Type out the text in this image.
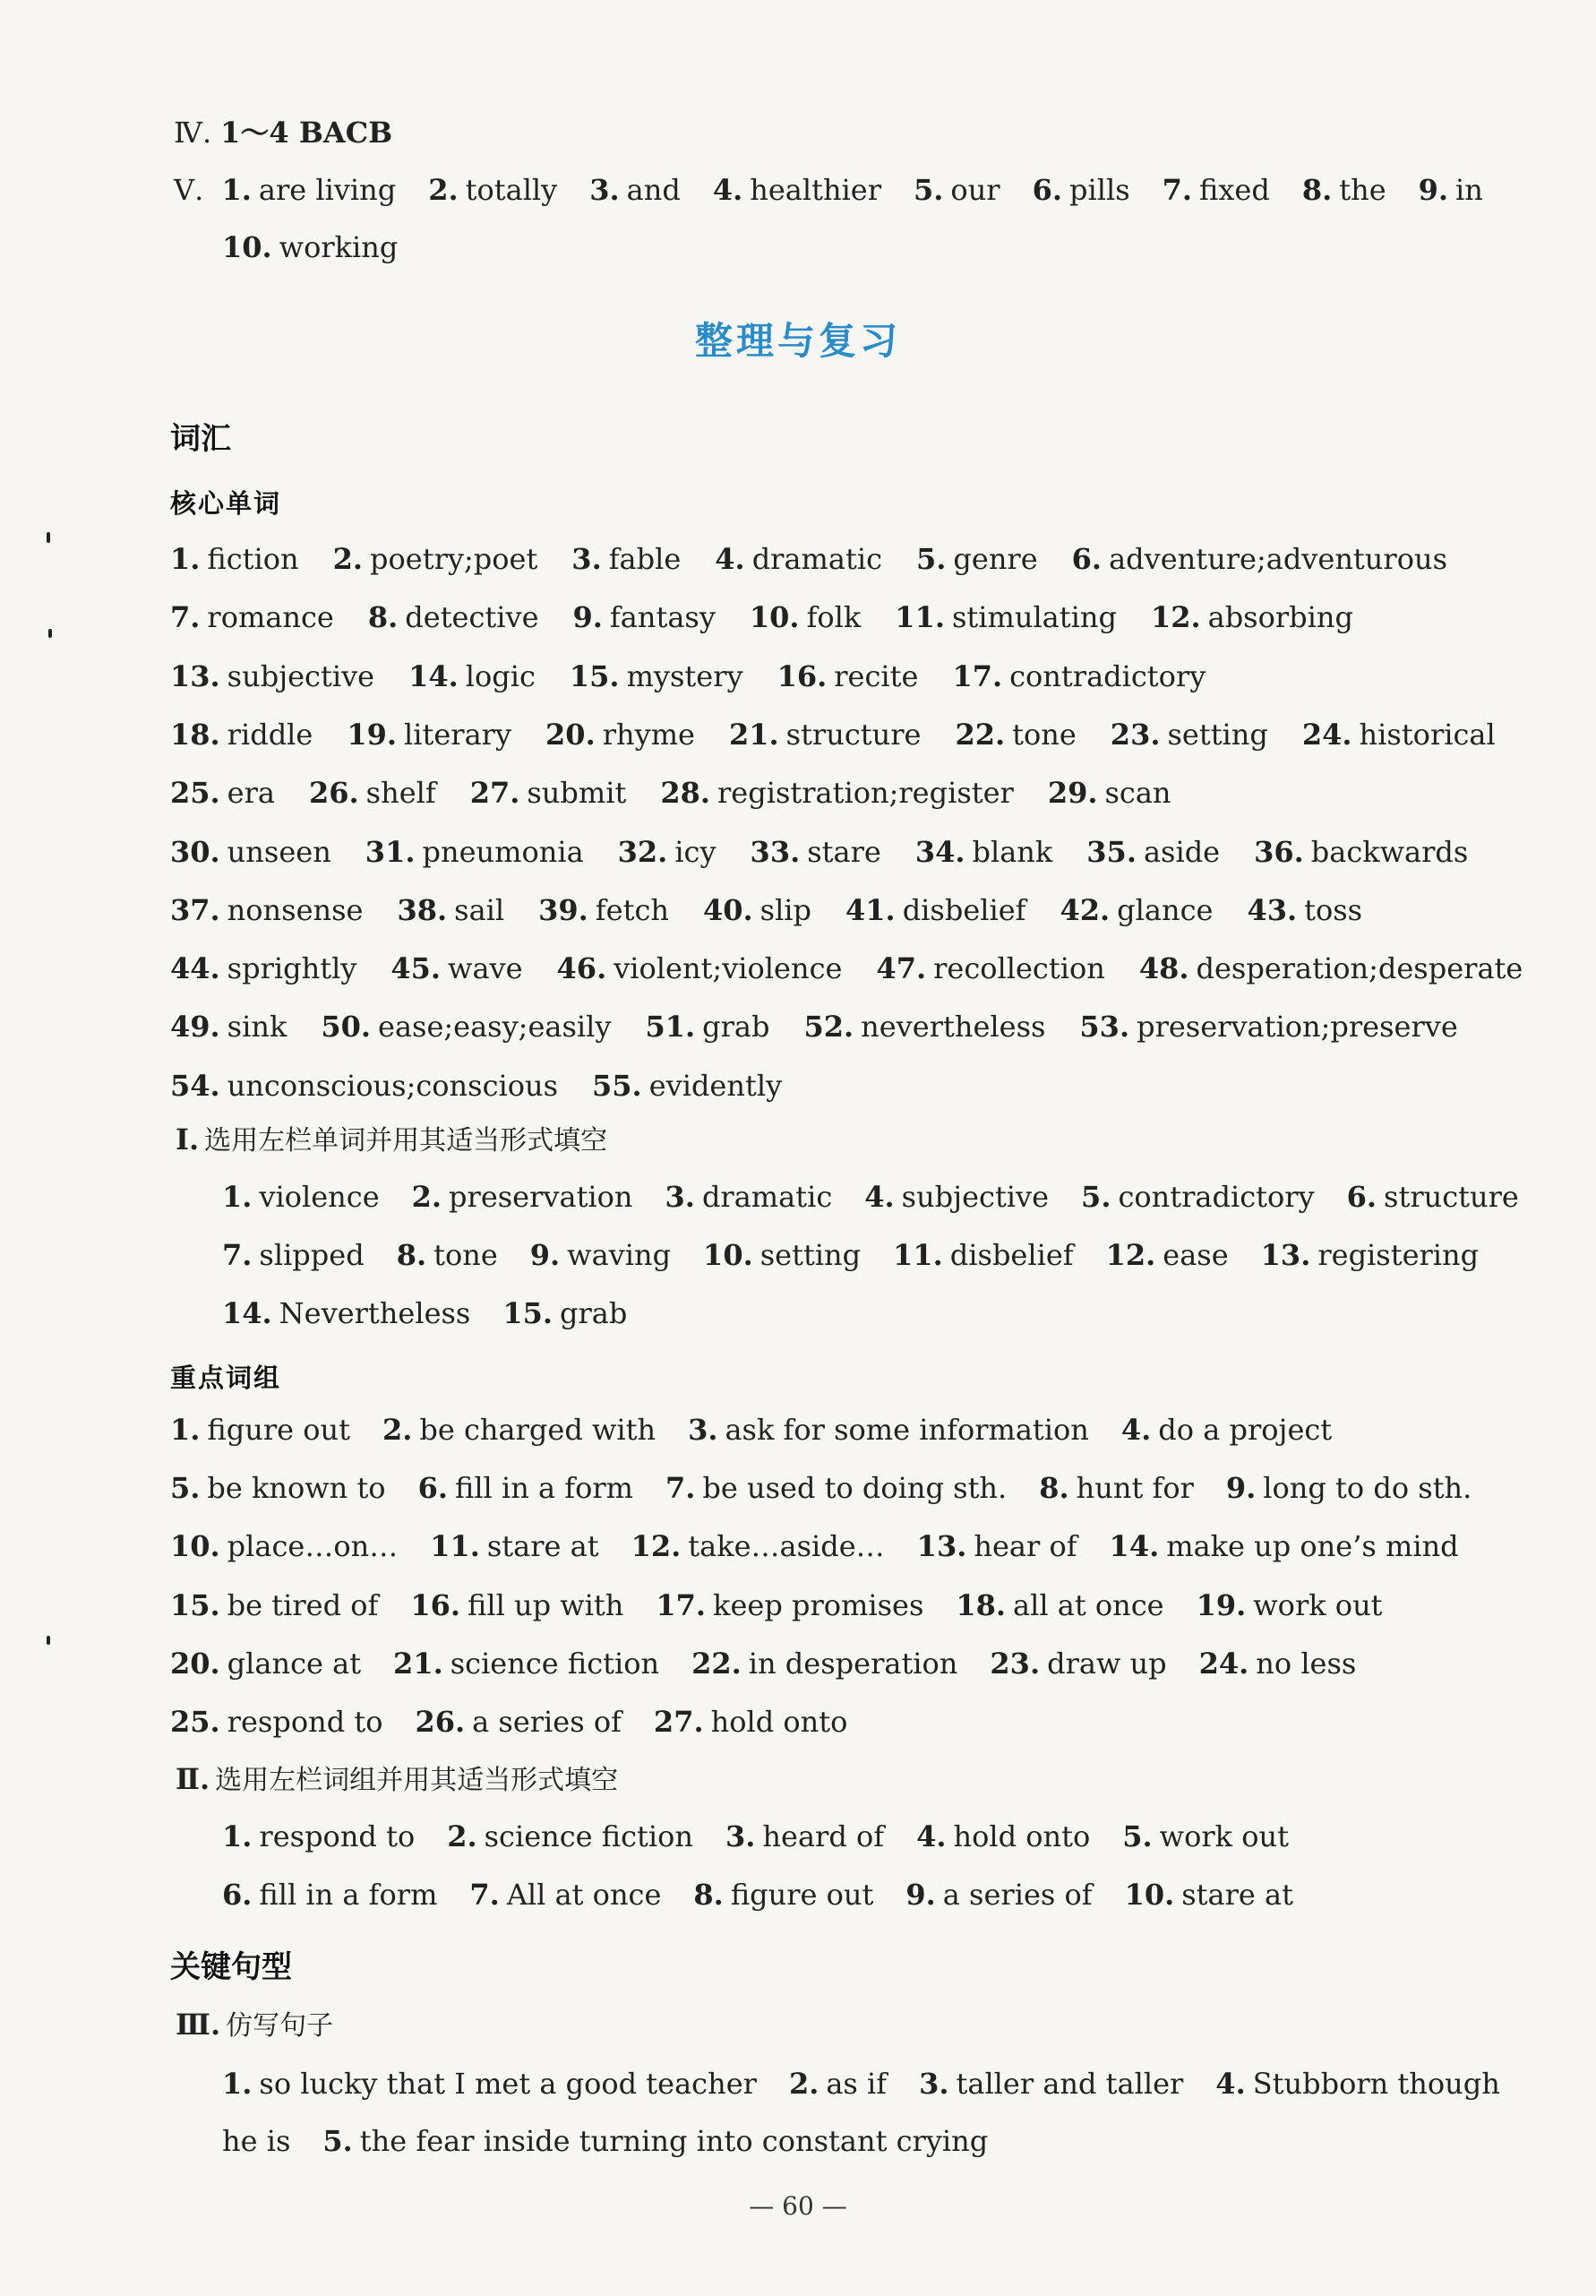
Ⅳ. 1～4 BACB
Ⅴ. 1. are living 2. totally 3. and 4. healthier 5. our 6. pills 7. fixed 8. the 9. in
10. working
整理与复习
词汇
核心单词
1. fiction 2. poetry;poet 3. fable 4. dramatic 5. genre 6. adventure;adventurous
7. romance 8. detective 9. fantasy 10. folk 11. stimulating 12. absorbing
13. subjective 14. logic 15. mystery 16. recite 17. contradictory
18. riddle 19. literary 20. rhyme 21. structure 22. tone 23. setting 24. historical
25. era 26. shelf 27. submit 28. registration;register 29. scan
30. unseen 31. pneumonia 32. icy 33. stare 34. blank 35. aside 36. backwards
37. nonsense 38. sail 39. fetch 40. slip 41. disbelief 42. glance 43. toss
44. sprightly 45. wave 46. violent;violence 47. recollection 48. desperation;desperate
49. sink 50. ease;easy;easily 51. grab 52. nevertheless 53. preservation;preserve
54. unconscious;conscious 55. evidently
Ⅰ. 选用左栏单词并用其适当形式填空
1. violence 2. preservation 3. dramatic 4. subjective 5. contradictory 6. structure
7. slipped 8. tone 9. waving 10. setting 11. disbelief 12. ease 13. registering
14. Nevertheless 15. grab
重点词组
1. figure out 2. be charged with 3. ask for some information 4. do a project
5. be known to 6. fill in a form 7. be used to doing sth. 8. hunt for 9. long to do sth.
10. place…on… 11. stare at 12. take…aside… 13. hear of 14. make up one’s mind
15. be tired of 16. fill up with 17. keep promises 18. all at once 19. work out
20. glance at 21. science fiction 22. in desperation 23. draw up 24. no less
25. respond to 26. a series of 27. hold onto
Ⅱ. 选用左栏词组并用其适当形式填空
1. respond to 2. science fiction 3. heard of 4. hold onto 5. work out
6. fill in a form 7. All at once 8. figure out 9. a series of 10. stare at
关键句型
Ⅲ. 仿写句子
1. so lucky that I met a good teacher 2. as if 3. taller and taller 4. Stubborn though
he is 5. the fear inside turning into constant crying
— 60 —
